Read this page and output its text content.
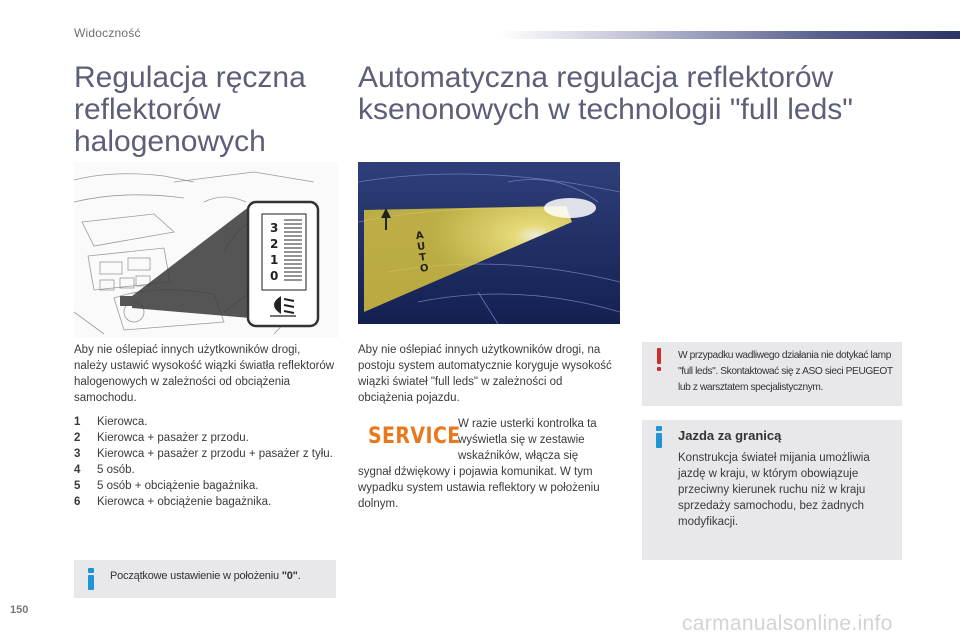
Widoczność
Regulacja ręczna reflektorów halogenowych
3
2
1
0
Aby nie oślepiać innych użytkowników drogi, należy ustawić wysokość wiązki światła reflektorów halogenowych w zależności od obciążenia samochodu.
1	Kierowca.
2	Kierowca + pasażer z przodu.
3	Kierowca + pasażer z przodu + pasażer z tyłu.
4	5 osób.
5	5 osób + obciążenie bagażnika.
6	Kierowca + obciążenie bagażnika.
Początkowe ustawienie w położeniu "0".
Automatyczna regulacja reflektorów ksenonowych w technologii "full leds"
AUTO
Aby nie oślepiać innych użytkowników drogi, na postoju system automatycznie koryguje wysokość wiązki świateł "full leds" w zależności od obciążenia pojazdu.
SERVICE
W razie usterki kontrolka ta wyświetla się w zestawie wskaźników, włącza się
sygnał dźwiękowy i pojawia komunikat. W tym wypadku system ustawia reflektory w położeniu dolnym.
W przypadku wadliwego działania nie dotykać lamp "full leds". Skontaktować się z ASO sieci PEUGEOT lub z warsztatem specjalistycznym.
Jazda za granicą
Konstrukcja świateł mijania umożliwia jazdę w kraju, w którym obowiązuje przeciwny kierunek ruchu niż w kraju sprzedaży samochodu, bez żadnych modyfikacji.
150
carmanualsonline.info
